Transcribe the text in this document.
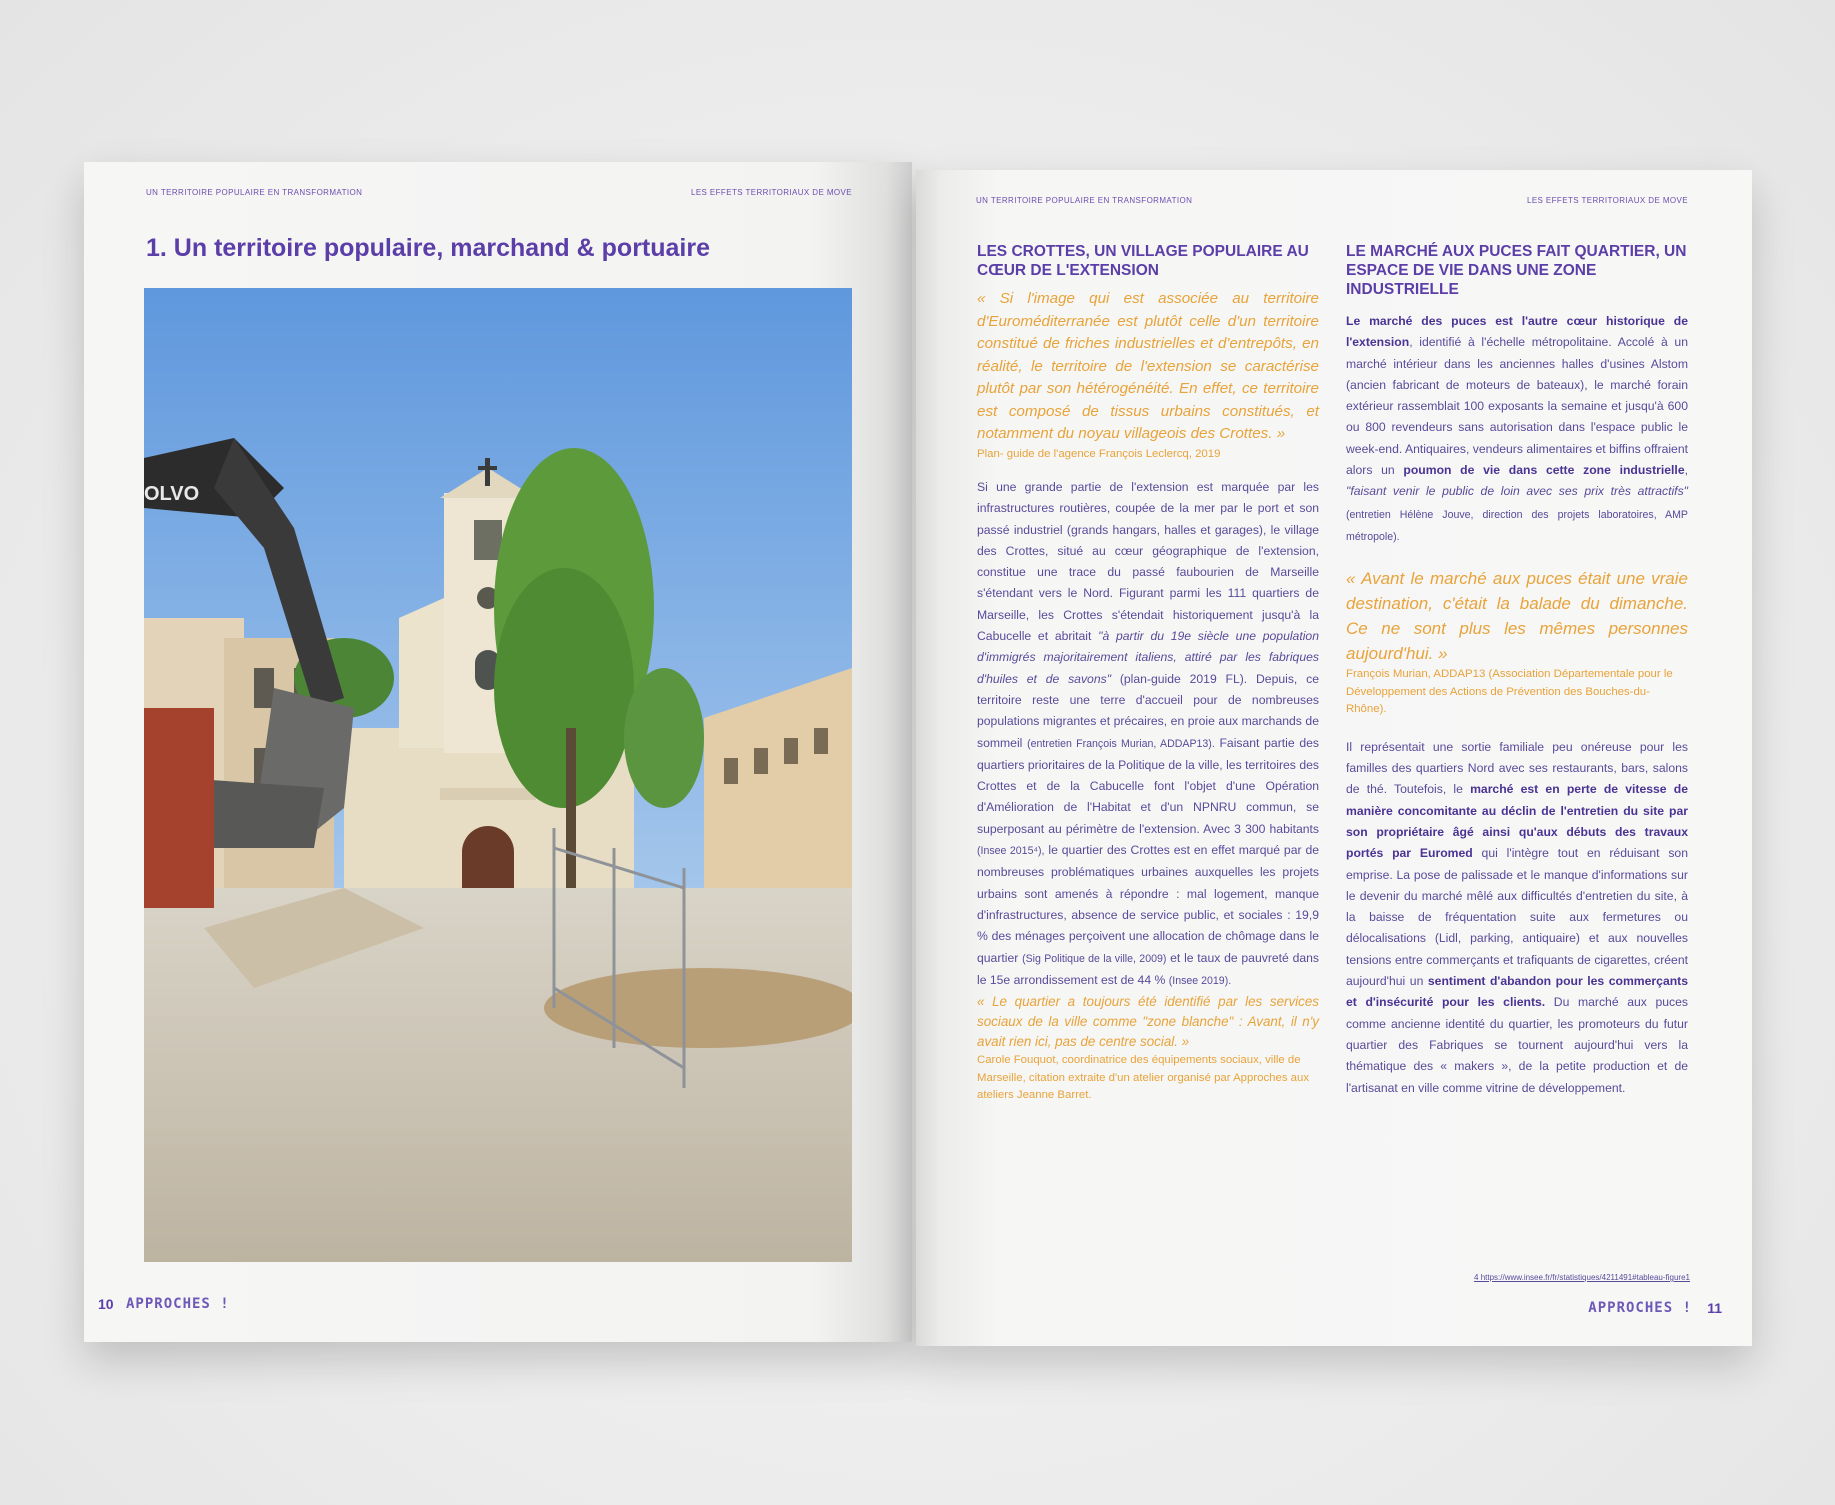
UN TERRITOIRE POPULAIRE EN TRANSFORMATION	LES EFFETS TERRITORIAUX DE MOVE
1. Un territoire populaire, marchand & portuaire
OLVO
10 APPROCHES !
UN TERRITOIRE POPULAIRE EN TRANSFORMATION	LES EFFETS TERRITORIAUX DE MOVE
LES CROTTES, UN VILLAGE POPULAIRE AU CŒUR DE L'EXTENSION

« Si l'image qui est associée au territoire d'Euroméditerranée est plutôt celle d'un territoire constitué de friches industrielles et d'entrepôts, en réalité, le territoire de l'extension se caractérise plutôt par son hétérogénéité. En effet, ce territoire est composé de tissus urbains constitués, et notamment du noyau villageois des Crottes. »

Plan- guide de l'agence François Leclercq, 2019

Si une grande partie de l'extension est marquée par les infrastructures routières, coupée de la mer par le port et son passé industriel (grands hangars, halles et garages), le village des Crottes, situé au cœur géographique de l'extension, constitue une trace du passé faubourien de Marseille s'étendant vers le Nord. Figurant parmi les 111 quartiers de Marseille, les Crottes s'étendait historiquement jusqu'à la Cabucelle et abritait "à partir du 19e siècle une population d'immigrés majoritairement italiens, attiré par les fabriques d'huiles et de savons" (plan-guide 2019 FL). Depuis, ce territoire reste une terre d'accueil pour de nombreuses populations migrantes et précaires, en proie aux marchands de sommeil (entretien François Murian, ADDAP13). Faisant partie des quartiers prioritaires de la Politique de la ville, les territoires des Crottes et de la Cabucelle font l'objet d'une Opération d'Amélioration de l'Habitat et d'un NPNRU commun, se superposant au périmètre de l'extension. Avec 3 300 habitants (Insee 2015⁴), le quartier des Crottes est en effet marqué par de nombreuses problématiques urbaines auxquelles les projets urbains sont amenés à répondre : mal logement, manque d'infrastructures, absence de service public, et sociales : 19,9 % des ménages perçoivent une allocation de chômage dans le quartier (Sig Politique de la ville, 2009) et le taux de pauvreté dans le 15e arrondissement est de 44 % (Insee 2019).

« Le quartier a toujours été identifié par les services sociaux de la ville comme "zone blanche" : Avant, il n'y avait rien ici, pas de centre social. »

Carole Fouquot, coordinatrice des équipements sociaux, ville de Marseille, citation extraite d'un atelier organisé par Approches aux ateliers Jeanne Barret.

LE MARCHÉ AUX PUCES FAIT QUARTIER, UN ESPACE DE VIE DANS UNE ZONE INDUSTRIELLE

Le marché des puces est l'autre cœur historique de l'extension, identifié à l'échelle métropolitaine. Accolé à un marché intérieur dans les anciennes halles d'usines Alstom (ancien fabricant de moteurs de bateaux), le marché forain extérieur rassemblait 100 exposants la semaine et jusqu'à 600 ou 800 revendeurs sans autorisation dans l'espace public le week-end. Antiquaires, vendeurs alimentaires et biffins offraient alors un poumon de vie dans cette zone industrielle, "faisant venir le public de loin avec ses prix très attractifs" (entretien Hélène Jouve, direction des projets laboratoires, AMP métropole).

« Avant le marché aux puces était une vraie destination, c'était la balade du dimanche. Ce ne sont plus les mêmes personnes aujourd'hui. »

François Murian, ADDAP13 (Association Départementale pour le Développement des Actions de Prévention des Bouches-du-Rhône).

Il représentait une sortie familiale peu onéreuse pour les familles des quartiers Nord avec ses restaurants, bars, salons de thé. Toutefois, le marché est en perte de vitesse de manière concomitante au déclin de l'entretien du site par son propriétaire âgé ainsi qu'aux débuts des travaux portés par Euromed qui l'intègre tout en réduisant son emprise. La pose de palissade et le manque d'informations sur le devenir du marché mêlé aux difficultés d'entretien du site, à la baisse de fréquentation suite aux fermetures ou délocalisations (Lidl, parking, antiquaire) et aux nouvelles tensions entre commerçants et trafiquants de cigarettes, créent aujourd'hui un sentiment d'abandon pour les commerçants et d'insécurité pour les clients. Du marché aux puces comme ancienne identité du quartier, les promoteurs du futur quartier des Fabriques se tournent aujourd'hui vers la thématique des « makers », de la petite production et de l'artisanat en ville comme vitrine de développement.

4 https://www.insee.fr/fr/statistiques/4211491#tableau-figure1
APPROCHES ! 11
